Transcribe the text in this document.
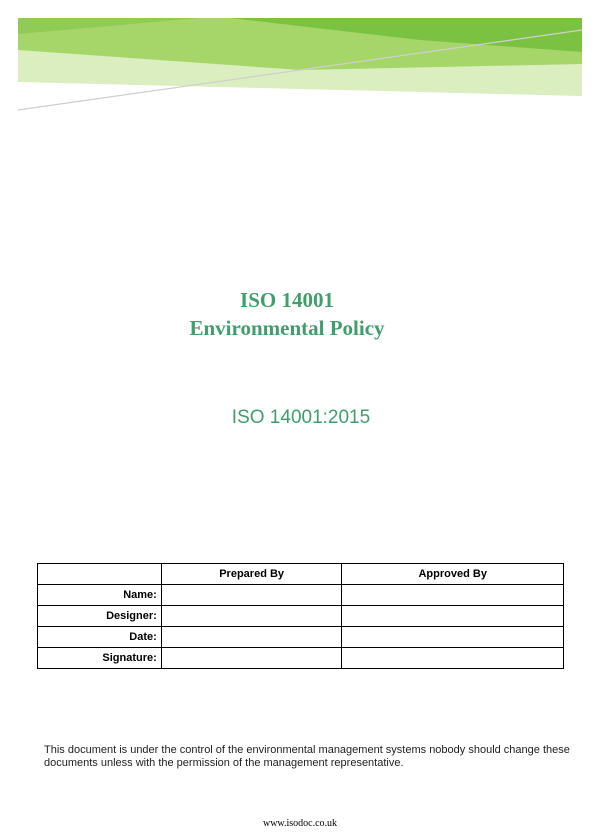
ISO 14001
Environmental Policy
ISO 14001:2015
	Prepared By	Approved By
Name:		
Designer:		
Date:		
Signature:		
This document is under the control of the environmental management systems nobody should change these documents unless with the permission of the management representative.
www.isodoc.co.uk
